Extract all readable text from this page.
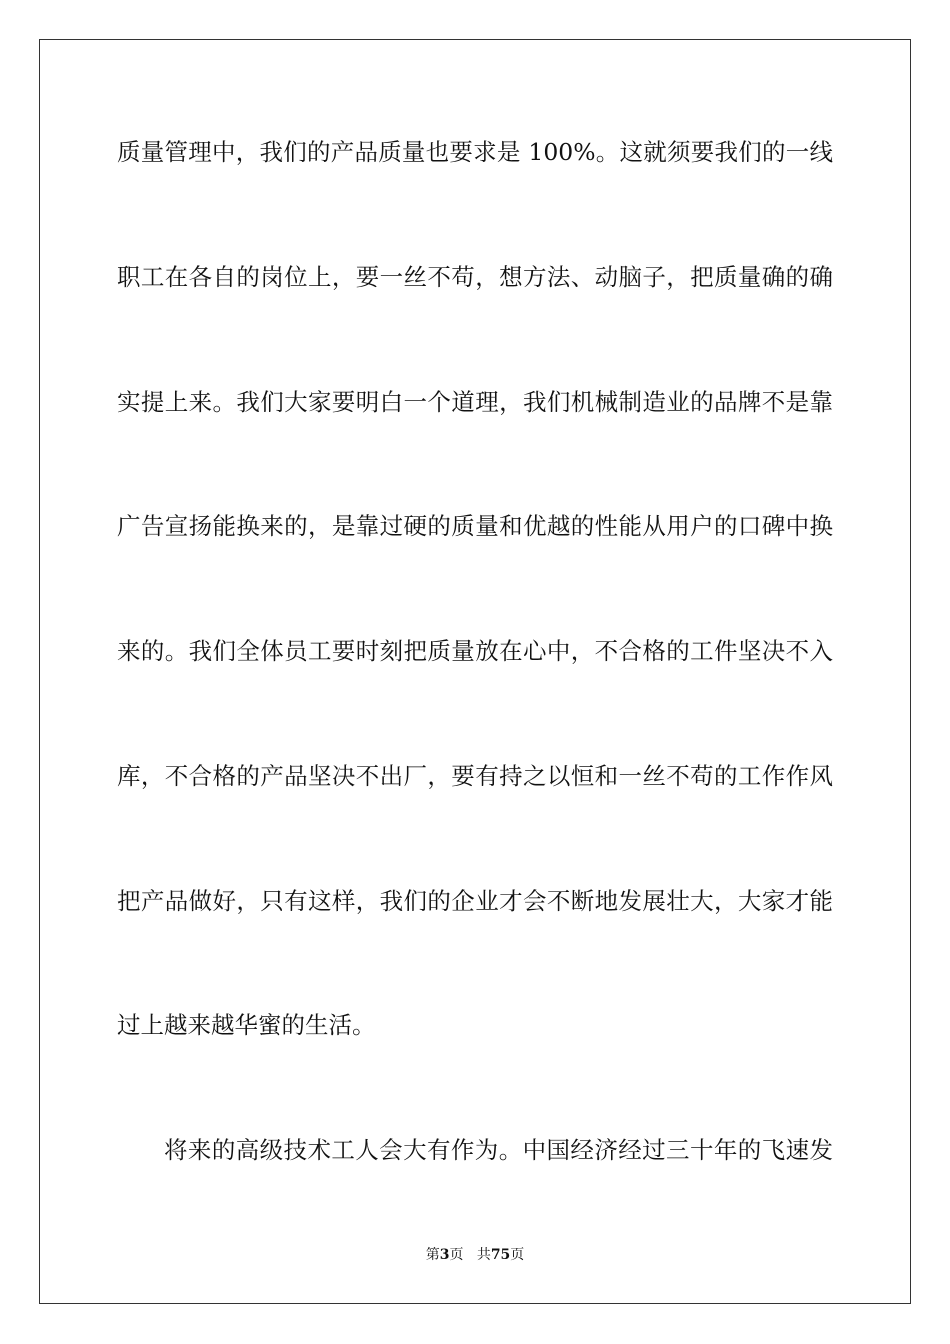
质量管理中，我们的产品质量也要求是 100%。这就须要我们的一线
职工在各自的岗位上，要一丝不苟，想方法、动脑子，把质量确的确
实提上来。我们大家要明白一个道理，我们机械制造业的品牌不是靠
广告宣扬能换来的，是靠过硬的质量和优越的性能从用户的口碑中换
来的。我们全体员工要时刻把质量放在心中，不合格的工件坚决不入
库，不合格的产品坚决不出厂，要有持之以恒和一丝不苟的工作作风
把产品做好，只有这样，我们的企业才会不断地发展壮大，大家才能
过上越来越华蜜的生活。
将来的高级技术工人会大有作为。中国经济经过三十年的飞速发
第3页 共75页
